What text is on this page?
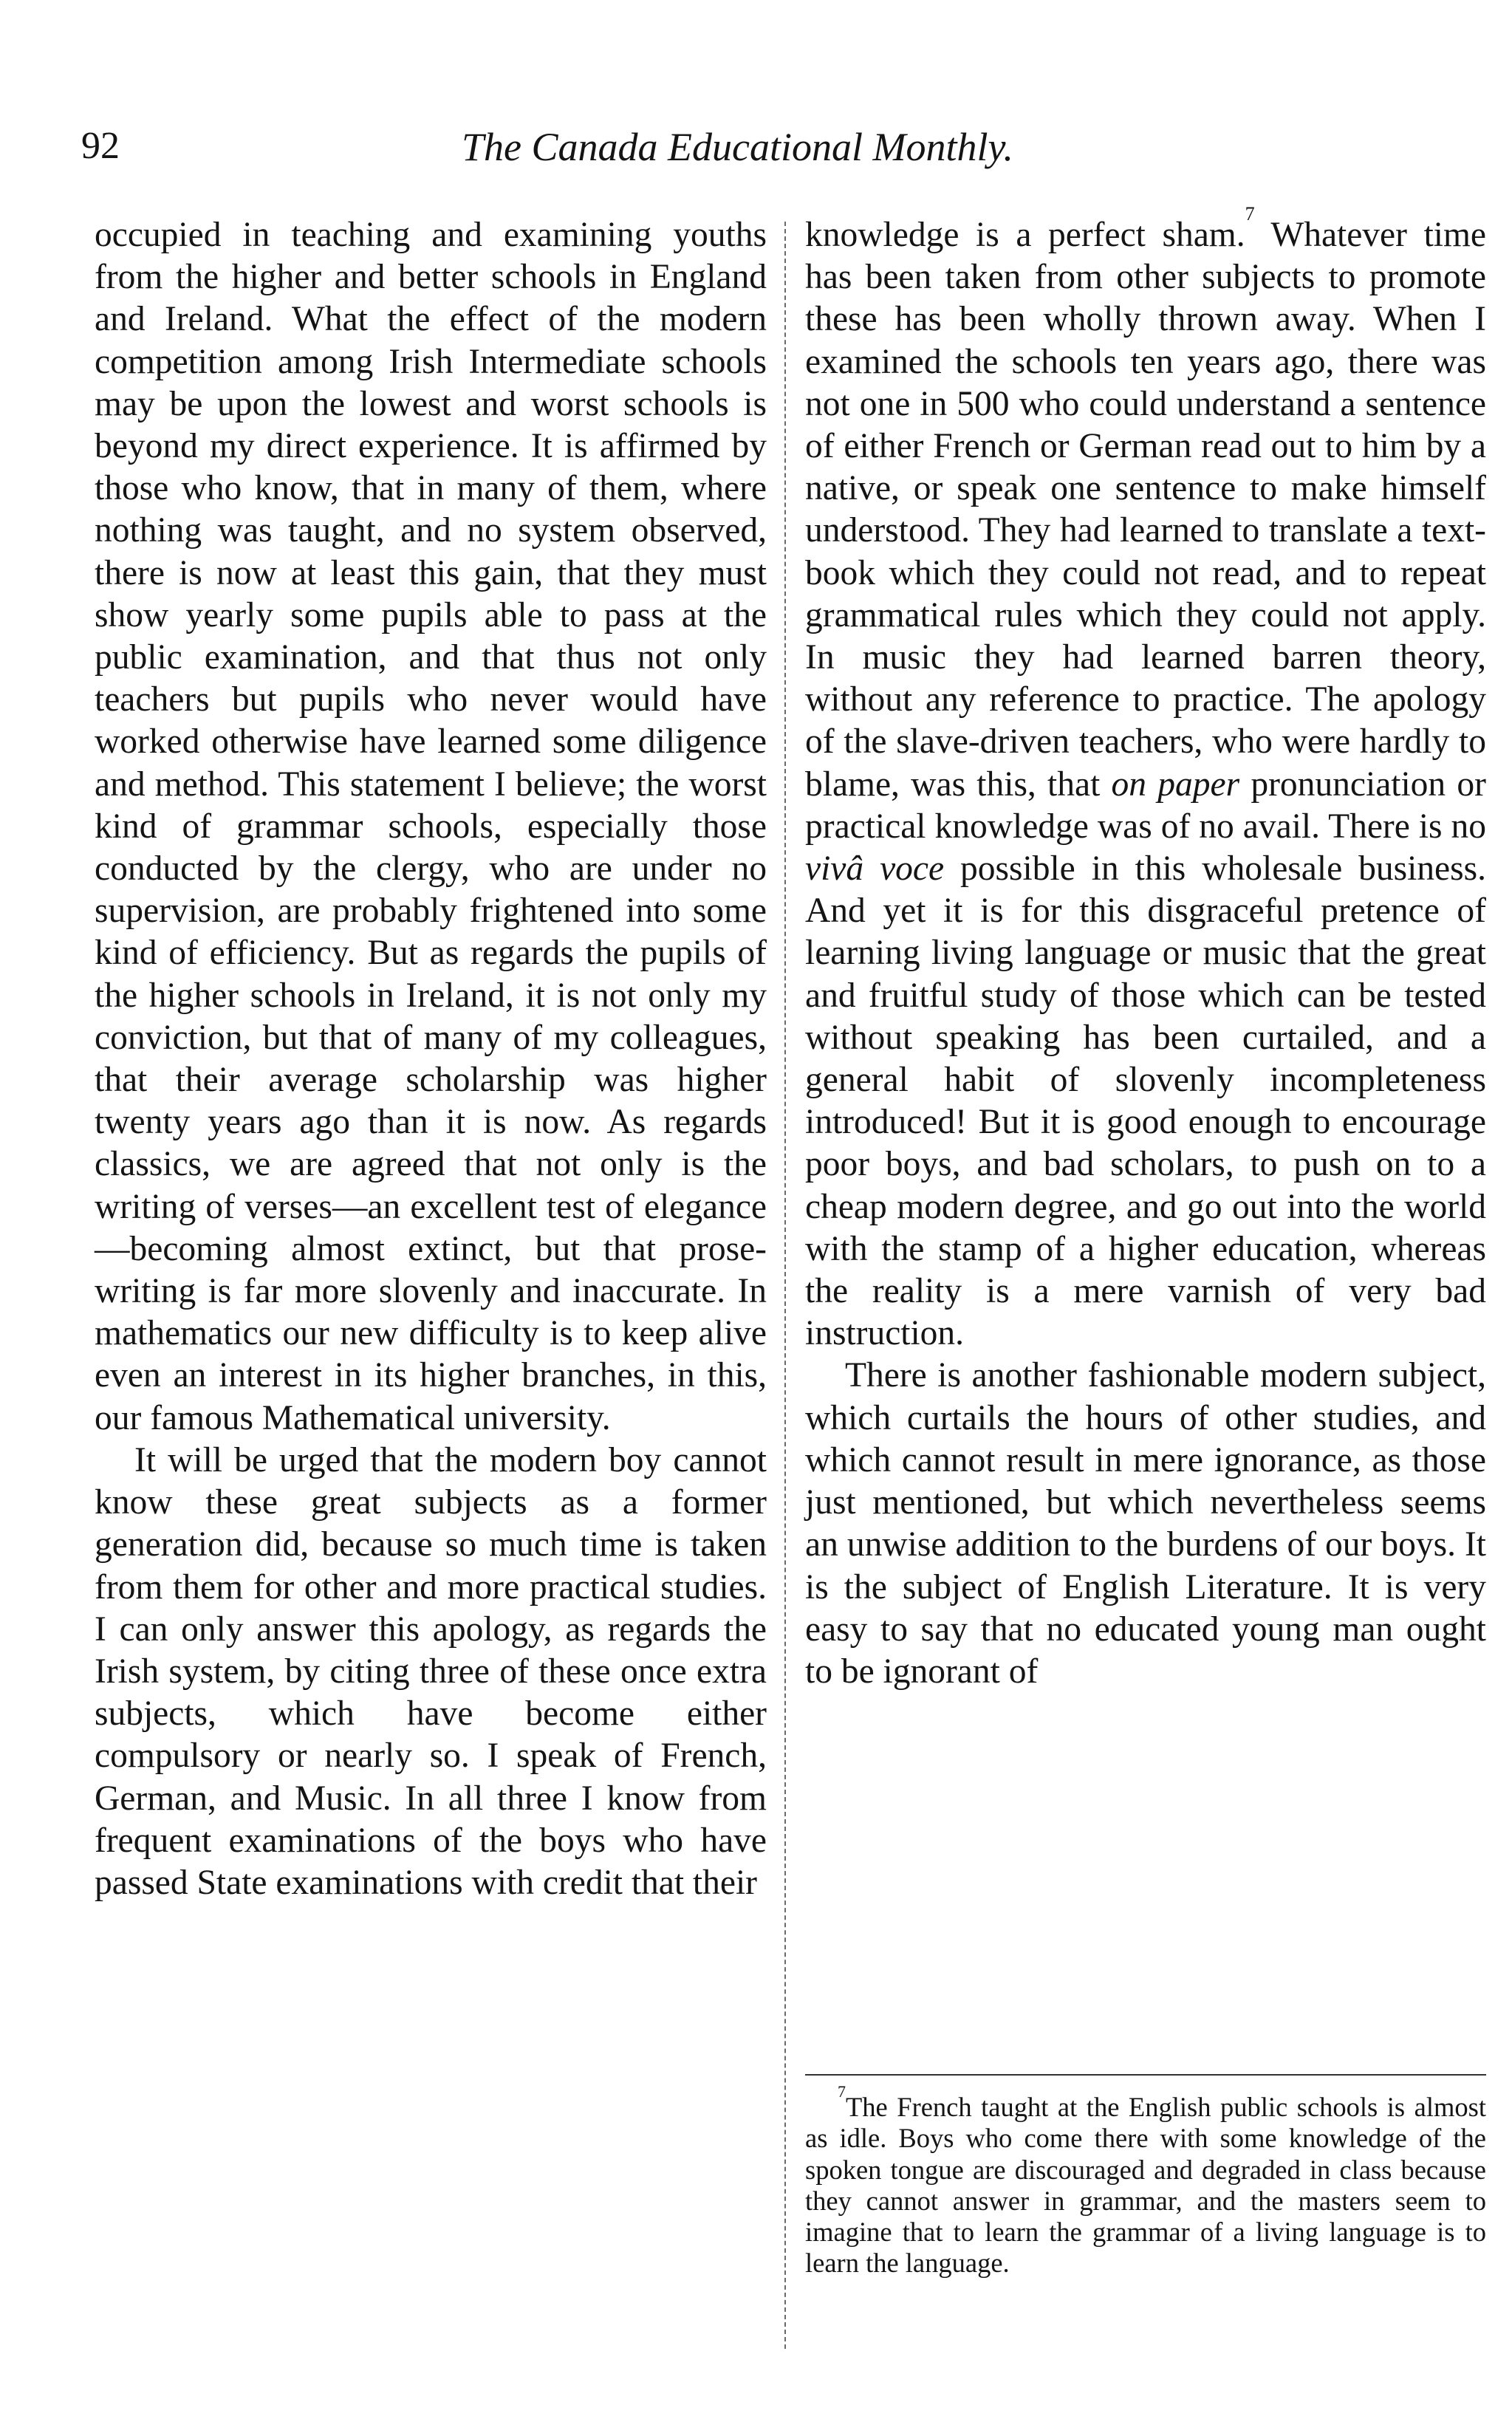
92	The Canada Educational Monthly.

occupied in teaching and examining youths from the higher and better schools in England and Ireland. What the effect of the modern competition among Irish Intermediate schools may be upon the lowest and worst schools is beyond my direct experience. It is affirmed by those who know, that in many of them, where nothing was taught, and no system observed, there is now at least this gain, that they must show yearly some pupils able to pass at the public examination, and that thus not only teachers but pupils who never would have worked otherwise have learned some diligence and method. This statement I believe; the worst kind of grammar schools, especially those conducted by the clergy, who are under no supervision, are probably frightened into some kind of efficiency. But as regards the pupils of the higher schools in Ireland, it is not only my conviction, but that of many of my colleagues, that their average scholarship was higher twenty years ago than it is now. As regards classics, we are agreed that not only is the writing of verses—an excellent test of elegance—becoming almost extinct, but that prose-writing is far more slovenly and inaccurate. In mathematics our new difficulty is to keep alive even an interest in its higher branches, in this, our famous Mathematical university.

It will be urged that the modern boy cannot know these great subjects as a former generation did, because so much time is taken from them for other and more practical studies. I can only answer this apology, as regards the Irish system, by citing three of these once extra subjects, which have become either compulsory or nearly so. I speak of French, German, and Music. In all three I know from frequent examinations of the boys who have passed State examinations with credit that their

knowledge is a perfect sham.$^7$ Whatever time has been taken from other subjects to promote these has been wholly thrown away. When I examined the schools ten years ago, there was not one in 500 who could understand a sentence of either French or German read out to him by a native, or speak one sentence to make himself understood. They had learned to translate a text-book which they could not read, and to repeat grammatical rules which they could not apply. In music they had learned barren theory, without any reference to practice. The apology of the slave-driven teachers, who were hardly to blame, was this, that on paper pronunciation or practical knowledge was of no avail. There is no vivâ voce possible in this wholesale business. And yet it is for this disgraceful pretence of learning living language or music that the great and fruitful study of those which can be tested without speaking has been curtailed, and a general habit of slovenly incompleteness introduced! But it is good enough to encourage poor boys, and bad scholars, to push on to a cheap modern degree, and go out into the world with the stamp of a higher education, whereas the reality is a mere varnish of very bad instruction.

There is another fashionable modern subject, which curtails the hours of other studies, and which cannot result in mere ignorance, as those just mentioned, but which nevertheless seems an unwise addition to the burdens of our boys. It is the subject of English Literature. It is very easy to say that no educated young man ought to be ignorant of

$^7$The French taught at the English public schools is almost as idle. Boys who come there with some knowledge of the spoken tongue are discouraged and degraded in class because they cannot answer in grammar, and the masters seem to imagine that to learn the grammar of a living language is to learn the language.
